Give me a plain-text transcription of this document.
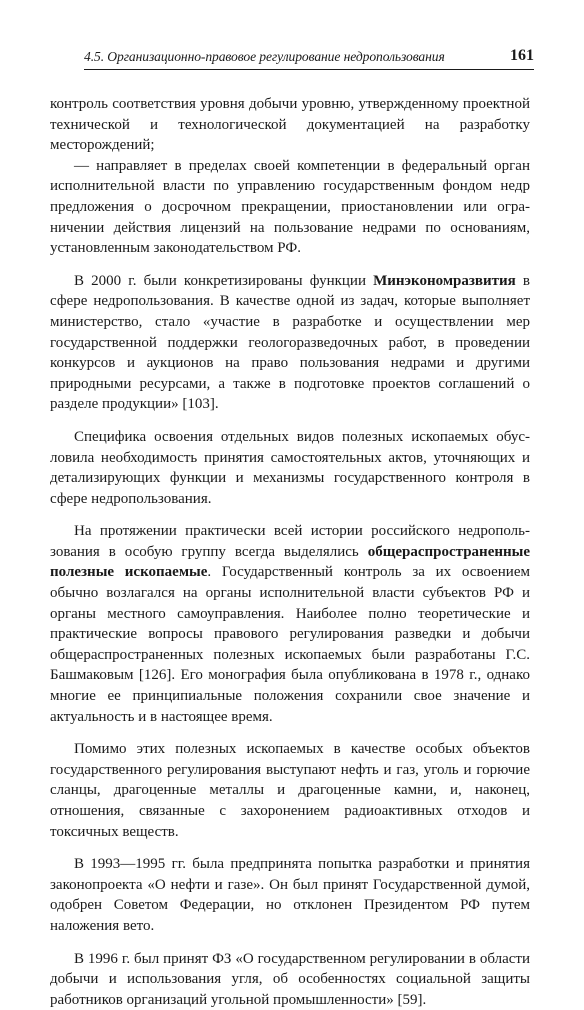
4.5. Организационно-правовое регулирование недропользования	161

контроль соответствия уровня добычи уровню, утвержденному проектной технической и технологической документацией на разработку месторождений;

— направляет в пределах своей компетенции в федеральный орган исполнительной власти по управлению государственным фондом недр предложения о досрочном прекращении, приостановлении или ограничении действия лицензий на пользование недрами по основаниям, установленным законодательством РФ.

В 2000 г. были конкретизированы функции Минэкономразвития в сфере недропользования. В качестве одной из задач, которые выполняет министерство, стало «участие в разработке и осуществлении мер государственной поддержки геологоразведочных работ, в проведении конкурсов и аукционов на право пользования недрами и другими природными ресурсами, а также в подготовке проектов соглашений о разделе продукции» [103].

Специфика освоения отдельных видов полезных ископаемых обусловила необходимость принятия самостоятельных актов, уточняющих и детализирующих функции и механизмы государственного контроля в сфере недропользования.

На протяжении практически всей истории российского недропользования в особую группу всегда выделялись общераспространенные полезные ископаемые. Государственный контроль за их освоением обычно возлагался на органы исполнительной власти субъектов РФ и органы местного самоуправления. Наиболее полно теоретические и практические вопросы правового регулирования разведки и добычи общераспространенных полезных ископаемых были разработаны Г.С. Башмаковым [126]. Его монография была опубликована в 1978 г., однако многие ее принципиальные положения сохранили свое значение и актуальность и в настоящее время.

Помимо этих полезных ископаемых в качестве особых объектов государственного регулирования выступают нефть и газ, уголь и горючие сланцы, драгоценные металлы и драгоценные камни, и, наконец, отношения, связанные с захоронением радиоактивных отходов и токсичных веществ.

В 1993—1995 гг. была предпринята попытка разработки и принятия законопроекта «О нефти и газе». Он был принят Государственной думой, одобрен Советом Федерации, но отклонен Президентом РФ путем наложения вето.

В 1996 г. был принят ФЗ «О государственном регулировании в области добычи и использования угля, об особенностях социальной защиты работников организаций угольной промышленности» [59].
